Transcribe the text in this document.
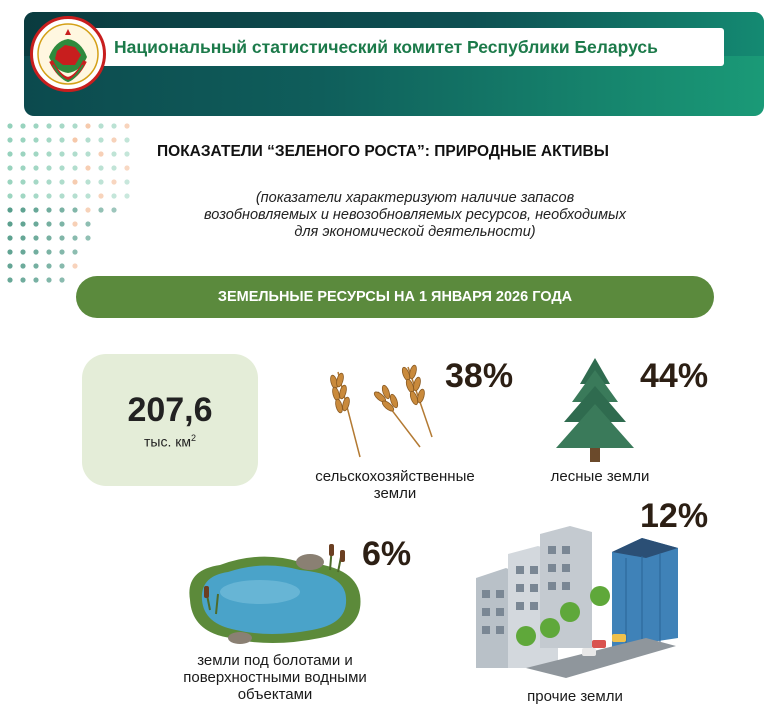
Национальный статистический комитет Республики Беларусь
ПОКАЗАТЕЛИ “ЗЕЛЕНОГО РОСТА”: ПРИРОДНЫЕ АКТИВЫ
(показатели характеризуют наличие запасов
возобновляемых и невозобновляемых ресурсов, необходимых
для экономической деятельности)
ЗЕМЕЛЬНЫЕ РЕСУРСЫ НА 1 ЯНВАРЯ 2026 ГОДА
207,6
тыс. $км^2$
38%
сельскохозяйственные
земли
44%
лесные земли
6%
земли под болотами и
поверхностными водными
объектами
12%
прочие земли
